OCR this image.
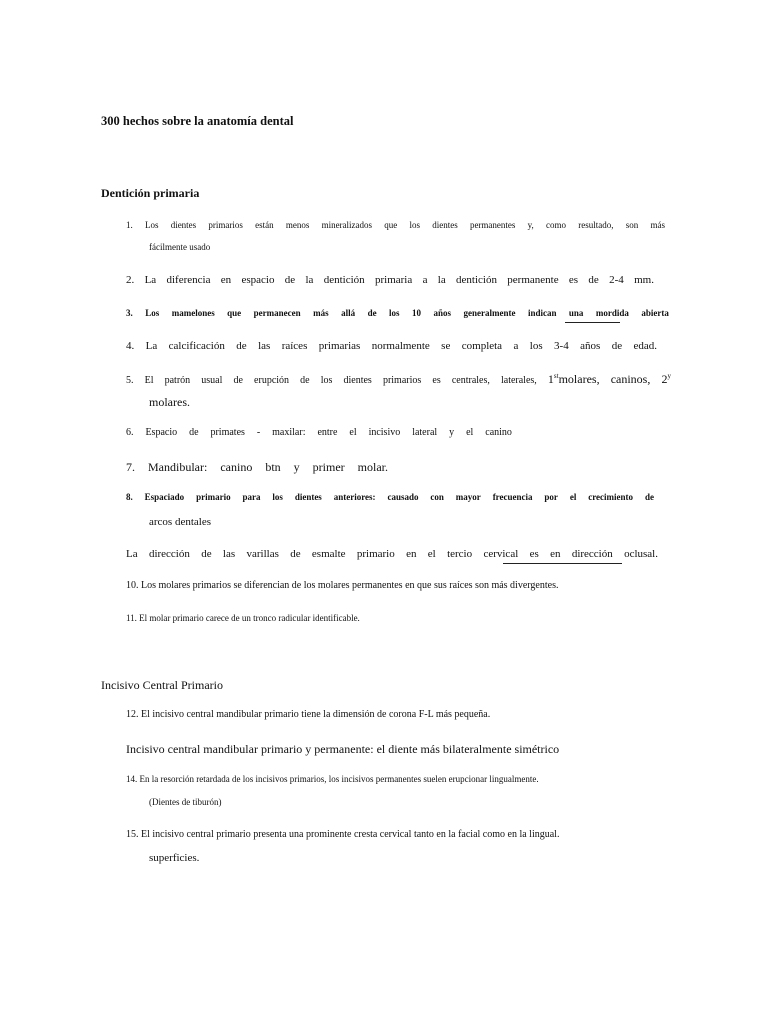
300 hechos sobre la anatomía dental
Dentición primaria
1. Los dientes primarios están menos mineralizados que los dientes permanentes y, como resultado, son más
fácilmente usado
2. La diferencia en espacio de la dentición primaria a la dentición permanente es de 2-4 mm.
3. Los mamelones que permanecen más allá de los 10 años generalmente indican una mordida abierta
4. La calcificación de las raíces primarias normalmente se completa a los 3-4 años de edad.
5. El patrón usual de erupción de los dientes primarios es centrales, laterales, 1stmolares, caninos, 2$^y$
molares.
6. Espacio de primates - maxilar: entre el incisivo lateral y el canino
7. Mandibular: canino btn y primer molar.
8. Espaciado primario para los dientes anteriores: causado con mayor frecuencia por el crecimiento de
arcos dentales
La dirección de las varillas de esmalte primario en el tercio cervical es en dirección oclusal.
10. Los molares primarios se diferencian de los molares permanentes en que sus raíces son más divergentes.
11. El molar primario carece de un tronco radicular identificable.
Incisivo Central Primario
12. El incisivo central mandibular primario tiene la dimensión de corona F-L más pequeña.
Incisivo central mandibular primario y permanente: el diente más bilateralmente simétrico
14. En la resorción retardada de los incisivos primarios, los incisivos permanentes suelen erupcionar lingualmente.
(Dientes de tiburón)
15. El incisivo central primario presenta una prominente cresta cervical tanto en la facial como en la lingual.
superficies.
